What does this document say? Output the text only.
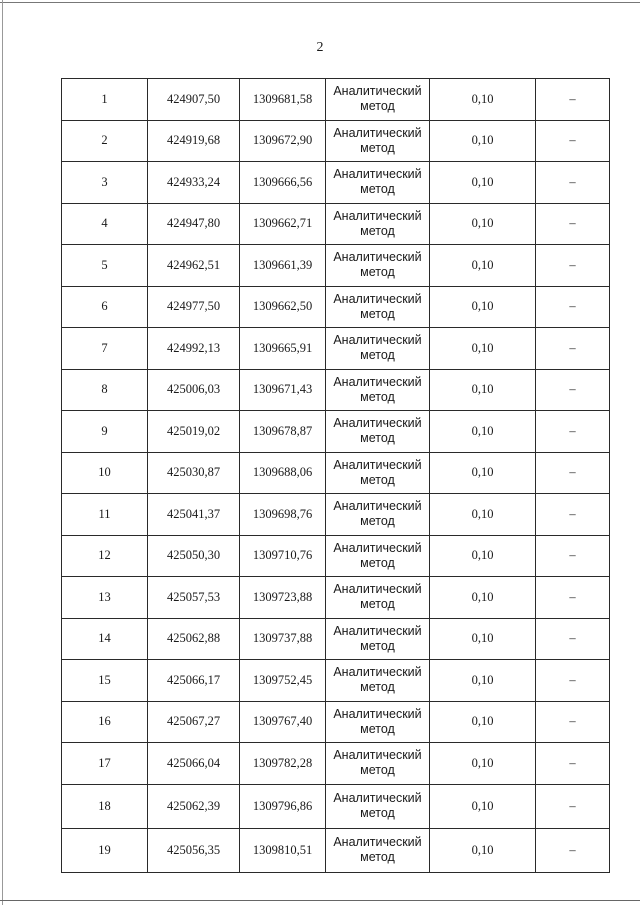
2
1	424907,50	1309681,58	Аналитический
метод	0,10	–
2	424919,68	1309672,90	Аналитический
метод	0,10	–
3	424933,24	1309666,56	Аналитический
метод	0,10	–
4	424947,80	1309662,71	Аналитический
метод	0,10	–
5	424962,51	1309661,39	Аналитический
метод	0,10	–
6	424977,50	1309662,50	Аналитический
метод	0,10	–
7	424992,13	1309665,91	Аналитический
метод	0,10	–
8	425006,03	1309671,43	Аналитический
метод	0,10	–
9	425019,02	1309678,87	Аналитический
метод	0,10	–
10	425030,87	1309688,06	Аналитический
метод	0,10	–
11	425041,37	1309698,76	Аналитический
метод	0,10	–
12	425050,30	1309710,76	Аналитический
метод	0,10	–
13	425057,53	1309723,88	Аналитический
метод	0,10	–
14	425062,88	1309737,88	Аналитический
метод	0,10	–
15	425066,17	1309752,45	Аналитический
метод	0,10	–
16	425067,27	1309767,40	Аналитический
метод	0,10	–
17	425066,04	1309782,28	Аналитический
метод	0,10	–
18	425062,39	1309796,86	Аналитический
метод	0,10	–
19	425056,35	1309810,51	Аналитический
метод	0,10	–
